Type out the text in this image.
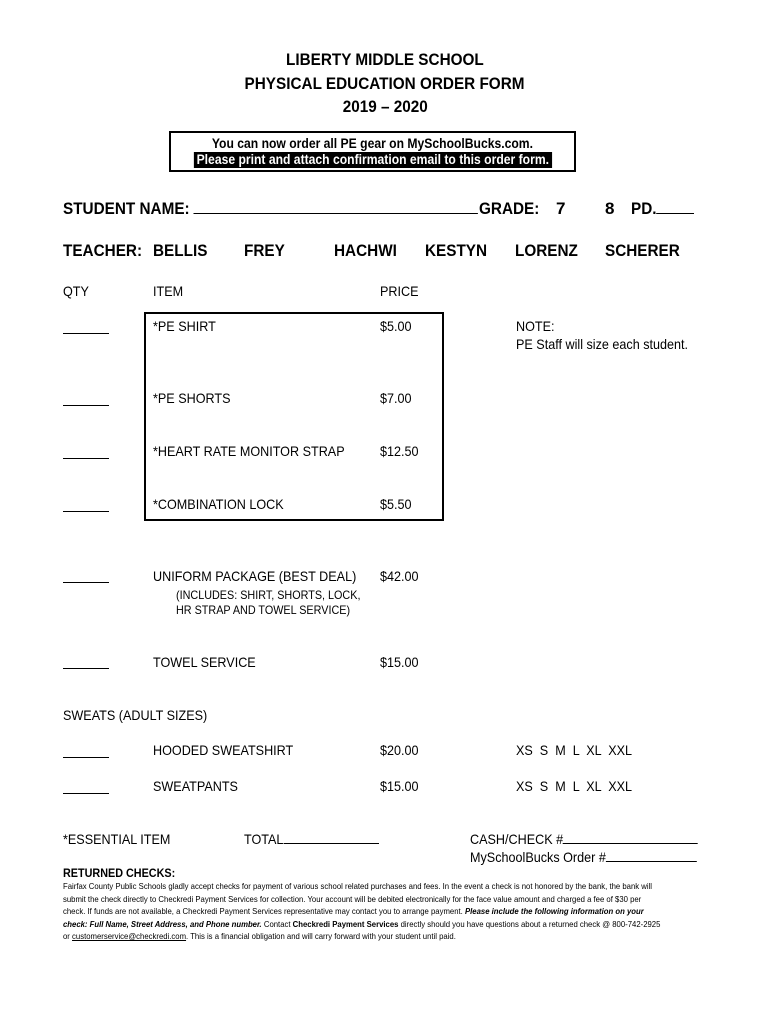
LIBERTY MIDDLE SCHOOL
PHYSICAL EDUCATION ORDER FORM
2019 – 2020
You can now order all PE gear on MySchoolBucks.com.
Please print and attach confirmation email to this order form.
STUDENT NAME:	GRADE: 7 8 PD.
TEACHER: BELLIS	FREY	HACHWI	KESTYN	LORENZ	SCHERER
QTY	ITEM	PRICE
*PE SHIRT	$5.00	NOTE:
PE Staff will size each student.
*PE SHORTS	$7.00
*HEART RATE MONITOR STRAP	$12.50
*COMBINATION LOCK	$5.50
UNIFORM PACKAGE (BEST DEAL)	$42.00
(INCLUDES: SHIRT, SHORTS, LOCK,
HR STRAP AND TOWEL SERVICE)
TOWEL SERVICE	$15.00
SWEATS (ADULT SIZES)
HOODED SWEATSHIRT	$20.00	XS  S  M  L  XL  XXL
SWEATPANTS	$15.00	XS  S  M  L  XL  XXL
*ESSENTIAL ITEM	TOTAL	CASH/CHECK #
MySchoolBucks Order #
RETURNED CHECKS:

Fairfax County Public Schools gladly accept checks for payment of various school related purchases and fees. In the event a check is not honored by the bank, the bank will

submit the check directly to Checkredi Payment Services for collection. Your account will be debited electronically for the face value amount and charged a fee of $30 per

check. If funds are not available, a Checkredi Payment Services representative may contact you to arrange payment. Please include the following information on your

check: Full Name, Street Address, and Phone number. Contact Checkredi Payment Services directly should you have questions about a returned check @ 800-742-2925

or customerservice@checkredi.com. This is a financial obligation and will carry forward with your student until paid.
